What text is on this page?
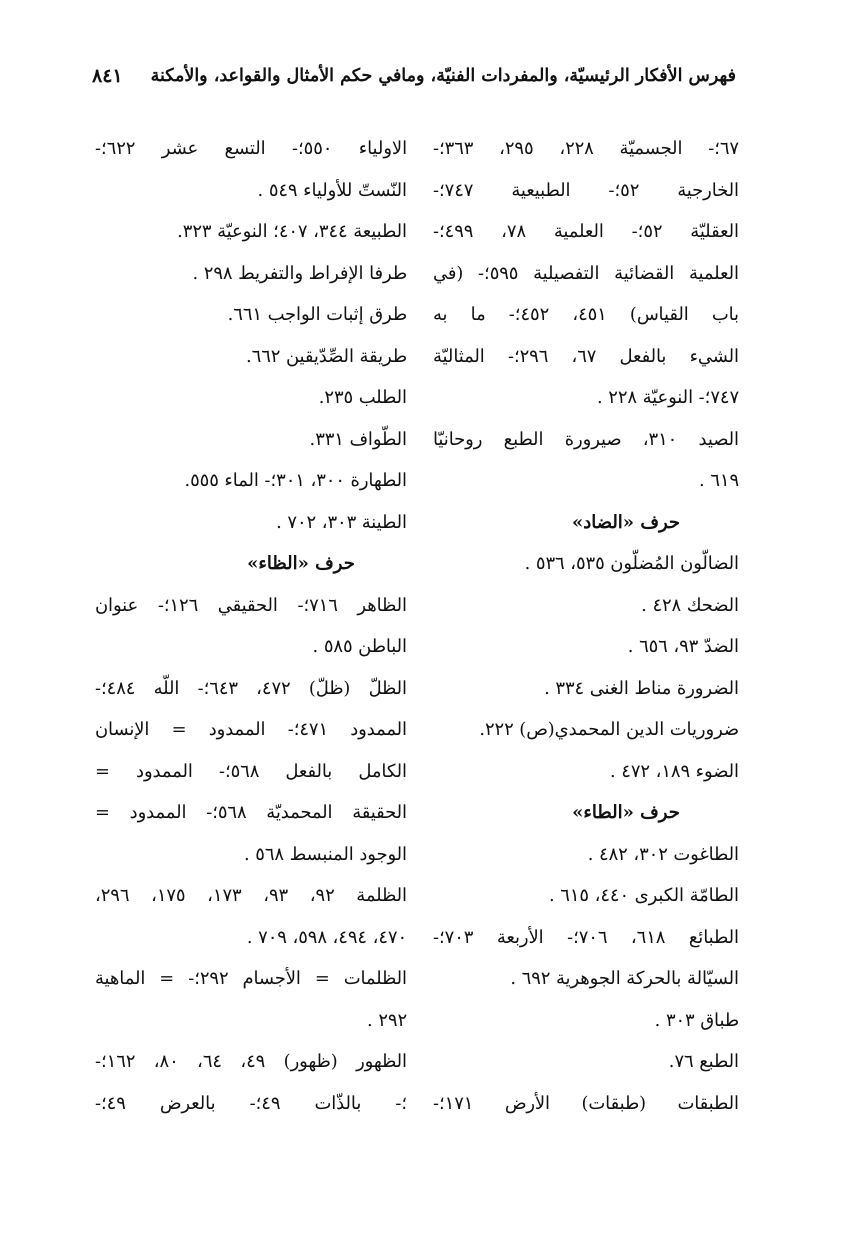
فهرس الأفكار الرئيسيّة، والمفردات الفنيّة، ومافي حكم الأمثال والقواعد، والأمكنة
٨٤١
٦٧؛- الجسميّة ٢٢٨، ٢٩٥، ٣٦٣؛-
الخارجية ٥٢؛- الطبيعية ٧٤٧؛-
العقليّة ٥٢؛- العلمية ٧٨، ٤٩٩؛-
العلمية القضائية التفصيلية ٥٩٥؛- (في
باب القياس) ٤٥١، ٤٥٢؛- ما به
الشيء بالفعل ٦٧، ٢٩٦؛- المثاليّة
٧٤٧؛- النوعيّة ٢٢٨ .
الصيد ٣١٠، صيرورة الطبع روحانيّا
٦١٩ .
حرف «الضاد»
الضالّون المُضلّون ٥٣٥، ٥٣٦ .
الضحك ٤٢٨ .
الضدّ ٩٣، ٦٥٦ .
الضرورة مناط الغنى ٣٣٤ .
ضروريات الدين المحمدي(ص) ٢٢٢.
الضوء ١٨٩، ٤٧٢ .
حرف «الطاء»
الطاغوت ٣٠٢، ٤٨٢ .
الطامّة الكبرى ٤٤٠، ٦١٥ .
الطبائع ٦١٨، ٧٠٦؛- الأربعة ٧٠٣؛-
السيّالة بالحركة الجوهرية ٦٩٢ .
طباق ٣٠٣ .
الطبع ٧٦.
الطبقات (طبقات) الأرض ١٧١؛-
الاولياء ٥٥٠؛- التسع عشر ٦٢٢؛-
النّستّ للأولياء ٥٤٩ .
الطبيعة ٣٤٤، ٤٠٧؛ النوعيّة ٣٢٣.
طرفا الإفراط والتفريط ٢٩٨ .
طرق إثبات الواجب ٦٦١.
طريقة الصِّدّيقين ٦٦٢.
الطلب ٢٣٥.
الطّواف ٣٣١.
الطهارة ٣٠٠، ٣٠١؛- الماء ٥٥٥.
الطينة ٣٠٣، ٧٠٢ .
حرف «الظاء»
الظاهر ٧١٦؛- الحقيقي ١٢٦؛- عنوان
الباطن ٥٨٥ .
الظلّ (ظلّ) ٤٧٢، ٦٤٣؛- اللّه ٤٨٤؛-
الممدود ٤٧١؛- الممدود = الإنسان
الكامل بالفعل ٥٦٨؛- الممدود =
الحقيقة المحمديّة ٥٦٨؛- الممدود =
الوجود المنبسط ٥٦٨ .
الظلمة ٩٢، ٩٣، ١٧٣، ١٧٥، ٢٩٦،
٤٧٠، ٤٩٤، ٥٩٨، ٧٠٩ .
الظلمات = الأجسام ٢٩٢؛- = الماهية
٢٩٢ .
الظهور (ظهور) ٤٩، ٦٤، ٨٠، ١٦٢؛-
؛- بالذّات ٤٩؛- بالعرض ٤٩؛-
